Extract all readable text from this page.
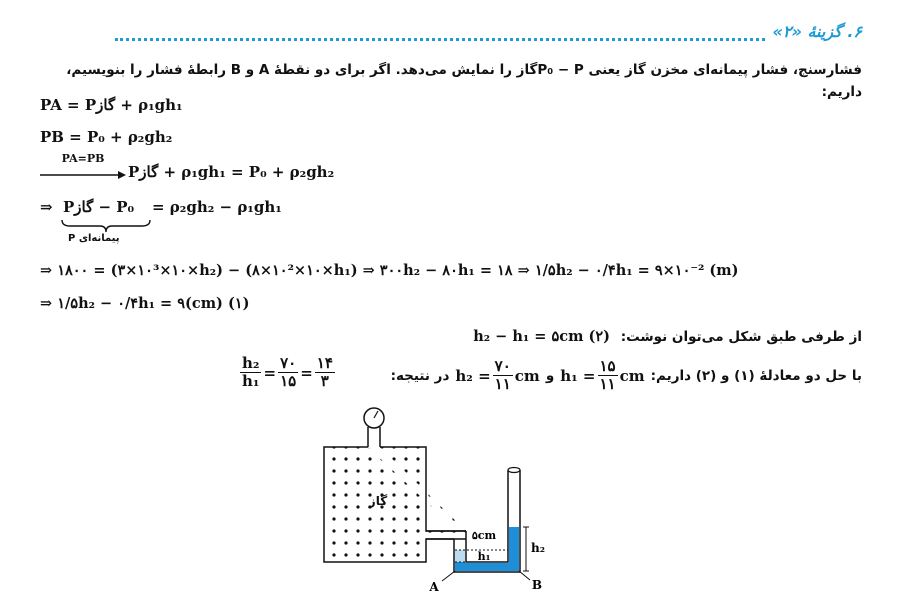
۶. گزینۀ «۲»
فشارسنج، فشار پیمانه‌ای مخزن گاز یعنی P₀ − Pگاز را نمایش می‌دهد. اگر برای دو نقطۀ A و B رابطۀ فشار را بنویسیم، داریم:
PA = Pگاز + ρ₁gh₁
PB = P₀ + ρ₂gh₂
PA=PB
Pگاز + ρ₁gh₁ = P₀ + ρ₂gh₂
⇒ Pگاز − P₀ = ρ₂gh₂ − ρ₁gh₁
P پیمانه‌ای
⇒ ۱۸۰۰ = (۳×۱۰³×۱۰×h₂) − (۸×۱۰²×۱۰×h₁) ⇒ ۳۰۰h₂ − ۸۰h₁ = ۱۸ ⇒ ۱/۵h₂ − ۰/۴h₁ = ۹×۱۰⁻² (m)
⇒ ۱/۵h₂ − ۰/۴h₁ = ۹(cm) (۱)
از طرفی طبق شکل می‌توان نوشت: h₂ − h₁ = ۵cm (۲)
با حل دو معادلۀ (۱) و (۲) داریم:
$h_1 = \frac{۱۵}{۱۱}$ cm
و
$h_2 = \frac{۷۰}{۱۱}$ cm
در نتیجه:
$\frac{\text{h₂}}{\text{h₁}} = \frac{۷۰}{۱۵} = \frac{۱۴}{۳}$
گاز
۵cm
h₁
h₂
A	B
